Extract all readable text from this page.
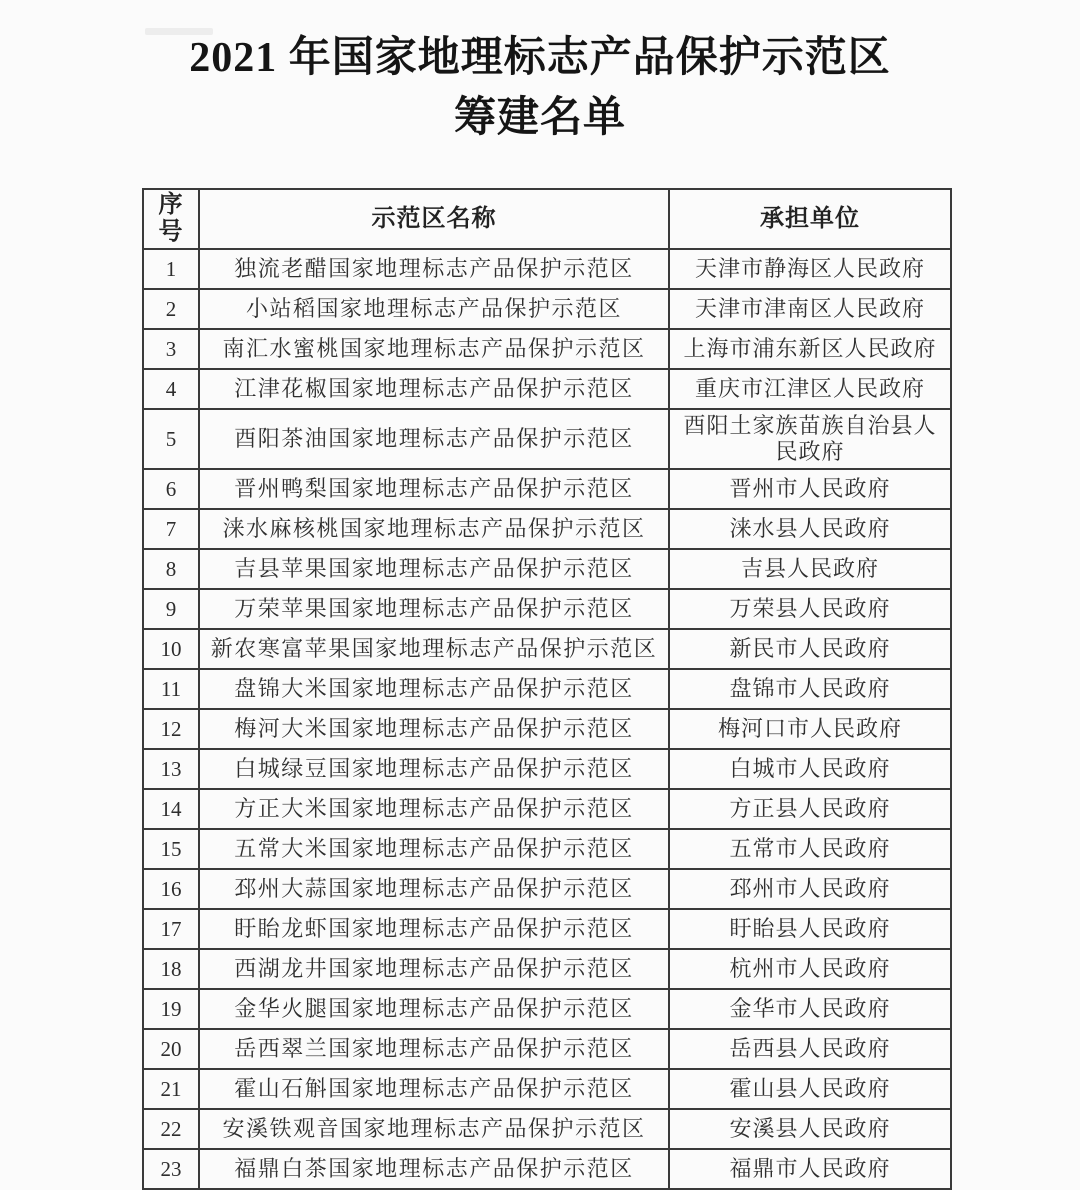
2021 年国家地理标志产品保护示范区
筹建名单
序号	示范区名称	承担单位
1	独流老醋国家地理标志产品保护示范区	天津市静海区人民政府
2	小站稻国家地理标志产品保护示范区	天津市津南区人民政府
3	南汇水蜜桃国家地理标志产品保护示范区	上海市浦东新区人民政府
4	江津花椒国家地理标志产品保护示范区	重庆市江津区人民政府
5	酉阳茶油国家地理标志产品保护示范区	酉阳土家族苗族自治县人民政府
6	晋州鸭梨国家地理标志产品保护示范区	晋州市人民政府
7	涞水麻核桃国家地理标志产品保护示范区	涞水县人民政府
8	吉县苹果国家地理标志产品保护示范区	吉县人民政府
9	万荣苹果国家地理标志产品保护示范区	万荣县人民政府
10	新农寒富苹果国家地理标志产品保护示范区	新民市人民政府
11	盘锦大米国家地理标志产品保护示范区	盘锦市人民政府
12	梅河大米国家地理标志产品保护示范区	梅河口市人民政府
13	白城绿豆国家地理标志产品保护示范区	白城市人民政府
14	方正大米国家地理标志产品保护示范区	方正县人民政府
15	五常大米国家地理标志产品保护示范区	五常市人民政府
16	邳州大蒜国家地理标志产品保护示范区	邳州市人民政府
17	盱眙龙虾国家地理标志产品保护示范区	盱眙县人民政府
18	西湖龙井国家地理标志产品保护示范区	杭州市人民政府
19	金华火腿国家地理标志产品保护示范区	金华市人民政府
20	岳西翠兰国家地理标志产品保护示范区	岳西县人民政府
21	霍山石斛国家地理标志产品保护示范区	霍山县人民政府
22	安溪铁观音国家地理标志产品保护示范区	安溪县人民政府
23	福鼎白茶国家地理标志产品保护示范区	福鼎市人民政府
